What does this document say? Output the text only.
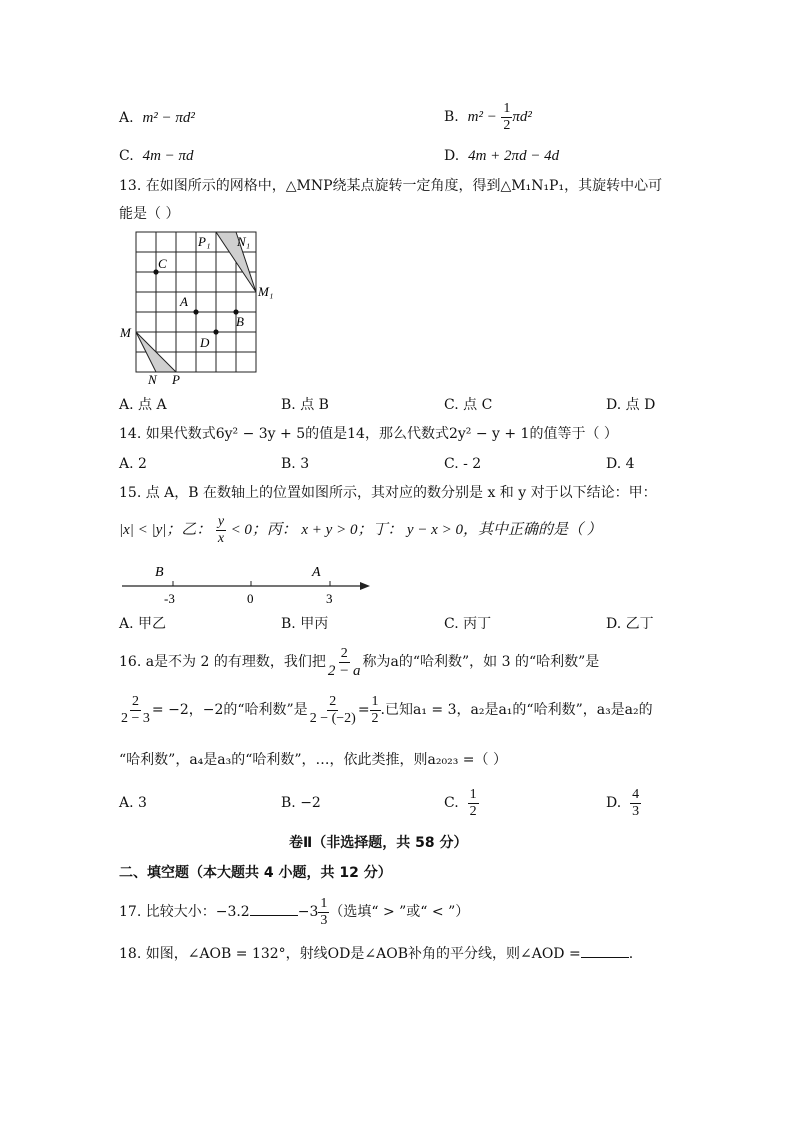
A. m² − πd²	B. $m^2 - \frac{1}{2} \pi d^2$
C. 4m − πd	D. 4m + 2πd − 4d
13. 在如图所示的网格中，△MNP绕某点旋转一定角度，得到△M₁N₁P₁，其旋转中心可
能是（ ）
C
A
B
D
M
N P
P₁ N₁
M₁
A. 点 A	B. 点 B	C. 点 C	D. 点 D
14. 如果代数式6y² − 3y + 5的值是14，那么代数式2y² − y + 1的值等于（ ）
A. 2	B. 3	C. - 2	D. 4
15. 点 A，B 在数轴上的位置如图所示，其对应的数分别是 x 和 y 对于以下结论：甲：
|x| < |y|；乙： $\frac{y}{x} < 0$；丙： x + y > 0；丁： y − x > 0，其中正确的是（ ）
B	A
-3	0	3
A. 甲乙	B. 甲丙	C. 丙丁	D. 乙丁
16. a是不为 2 的有理数，我们把 $\frac{2}{2 - a}$ 称为a的“哈利数”，如 3 的“哈利数”是
$\frac{2}{2 - 3} = -2$，−2的“哈利数”是 $\frac{2}{2 - (-2)} = \frac{1}{2}$ .已知a₁ = 3，a₂是a₁的“哈利数”，a₃是a₂的
“哈利数”，a₄是a₃的“哈利数”，…，依此类推，则a₂₀₂₃ =（ ）
A. 3	B. −2	C. $\frac{1}{2}$	D. $\frac{4}{3}$
卷Ⅱ（非选择题，共 58 分）
二、填空题（本大题共 4 小题，共 12 分）
17. 比较大小：−3.2	$-3 \frac{1}{3}$ （选填“ > ”或“ < ”）
18. 如图，∠AOB = 132°，射线OD是∠AOB补角的平分线，则∠AOD =	.
